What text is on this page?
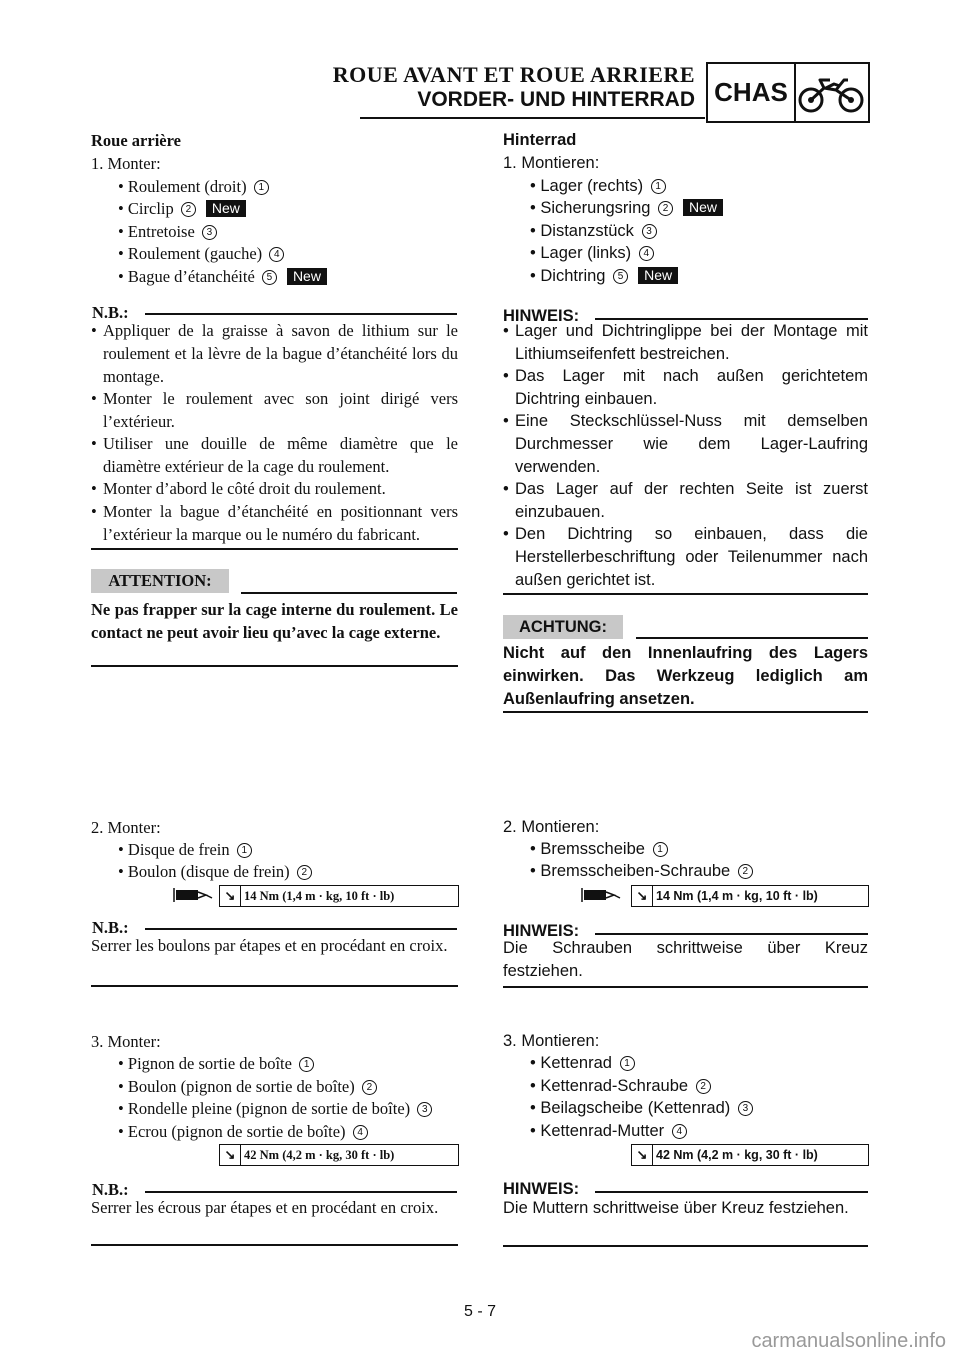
ROUE AVANT ET ROUE ARRIERE
VORDER- UND HINTERRAD CHAS
Roue arrière
1. Monter:
• Roulement (droit) 1
• Circlip 2 New
• Entretoise 3
• Roulement (gauche) 4
• Bague d’étanchéité 5 New
N.B.:
• Appliquer de la graisse à savon de lithium sur le roulement et la lèvre de la bague d’étanchéité lors du montage.
• Monter le roulement avec son joint dirigé vers l’extérieur.
• Utiliser une douille de même diamètre que le diamètre extérieur de la cage du roulement.
• Monter d’abord le côté droit du roulement.
• Monter la bague d’étanchéité en positionnant vers l’extérieur la marque ou le numéro du fabricant.
ATTENTION:
Ne pas frapper sur la cage interne du roulement. Le contact ne peut avoir lieu qu’avec la cage externe.
2. Monter:
• Disque de frein 1
• Boulon (disque de frein) 2
↘ 14 Nm (1,4 m · kg, 10 ft · lb)
N.B.:
Serrer les boulons par étapes et en procédant en croix.
3. Monter:
• Pignon de sortie de boîte 1
• Boulon (pignon de sortie de boîte) 2
• Rondelle pleine (pignon de sortie de boîte) 3
• Ecrou (pignon de sortie de boîte) 4
↘ 42 Nm (4,2 m · kg, 30 ft · lb)
N.B.:
Serrer les écrous par étapes et en procédant en croix.
Hinterrad
1. Montieren:
• Lager (rechts) 1
• Sicherungsring 2 New
• Distanzstück 3
• Lager (links) 4
• Dichtring 5 New
HINWEIS:
• Lager und Dichtringlippe bei der Montage mit Lithiumseifenfett bestreichen.
• Das Lager mit nach außen gerichtetem Dichtring einbauen.
• Eine Steckschlüssel-Nuss mit demselben Durchmesser wie dem Lager-Laufring verwenden.
• Das Lager auf der rechten Seite ist zuerst einzubauen.
• Den Dichtring so einbauen, dass die Herstellerbeschriftung oder Teilenummer nach außen gerichtet ist.
ACHTUNG:
Nicht auf den Innenlaufring des Lagers einwirken. Das Werkzeug lediglich am Außenlaufring ansetzen.
2. Montieren:
• Bremsscheibe 1
• Bremsscheiben-Schraube 2
↘ 14 Nm (1,4 m · kg, 10 ft · lb)
HINWEIS:
Die Schrauben schrittweise über Kreuz festziehen.
3. Montieren:
• Kettenrad 1
• Kettenrad-Schraube 2
• Beilagscheibe (Kettenrad) 3
• Kettenrad-Mutter 4
↘ 42 Nm (4,2 m · kg, 30 ft · lb)
HINWEIS:
Die Muttern schrittweise über Kreuz festziehen.
5 - 7
carmanualsonline.info
